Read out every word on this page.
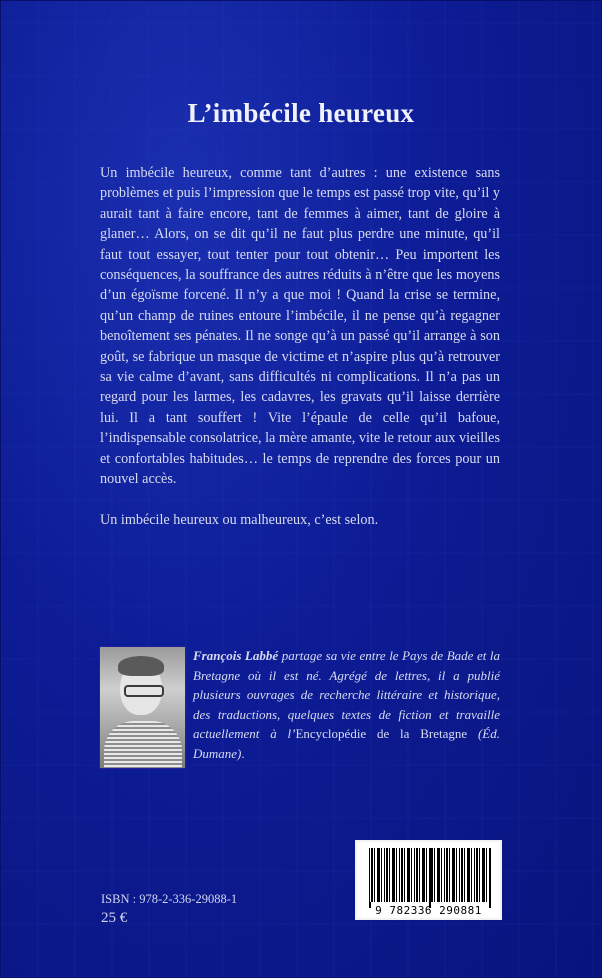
L’imbécile heureux

Un imbécile heureux, comme tant d’autres : une existence sans problèmes et puis l’impression que le temps est passé trop vite, qu’il y aurait tant à faire encore, tant de femmes à aimer, tant de gloire à glaner… Alors, on se dit qu’il ne faut plus perdre une minute, qu’il faut tout essayer, tout tenter pour tout obtenir… Peu importent les conséquences, la souffrance des autres réduits à n’être que les moyens d’un égoïsme forcené. Il n’y a que moi ! Quand la crise se termine, qu’un champ de ruines entoure l’imbécile, il ne pense qu’à regagner benoîtement ses pénates. Il ne songe qu’à un passé qu’il arrange à son goût, se fabrique un masque de victime et n’aspire plus qu’à retrouver sa vie calme d’avant, sans difficultés ni complications. Il n’a pas un regard pour les larmes, les cadavres, les gravats qu’il laisse derrière lui. Il a tant souffert ! Vite l’épaule de celle qu’il bafoue, l’indispensable consolatrice, la mère amante, vite le retour aux vieilles et confortables habitudes… le temps de reprendre des forces pour un nouvel accès.

Un imbécile heureux ou malheureux, c’est selon.

François Labbé partage sa vie entre le Pays de Bade et la Bretagne où il est né. Agrégé de lettres, il a publié plusieurs ouvrages de recherche littéraire et historique, des traductions, quelques textes de fiction et travaille actuellement à l’Encyclopédie de la Bretagne (Éd. Dumane).
ISBN : 978-2-336-29088-1
25 €	9 782336 290881
